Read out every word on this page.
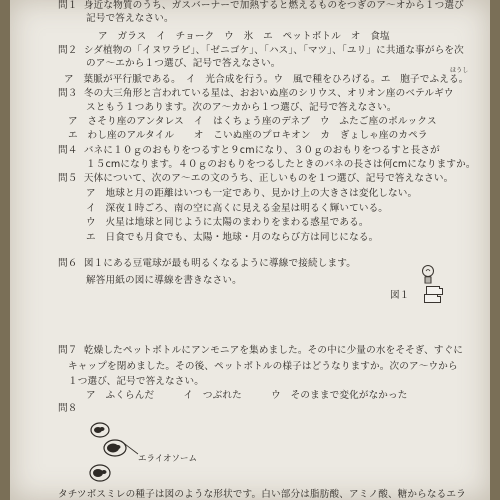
問１ 身近な物質のうち、ガスバーナーで加熱すると燃えるものをつぎのア～オから１つ選び
記号で答えなさい。
ア　ガラス　イ　チョーク　ウ　氷　エ　ペットボトル　オ　食塩
問２ シダ植物の「イヌワラビ」、「ゼニゴケ」、「ハス」、「マツ」、「ユリ」に共通な事がらを次
のア～エから１つ選び、記号で答えなさい。
ほうし
ア　葉脈が平行脈である。　イ　光合成を行う。ウ　風で種をひろげる。エ　胞子でふえる。
問３ 冬の大三角形と言われている星は、おおいぬ座のシリウス、オリオン座のベテルギウ
スともう１つあります。次のア～カから１つ選び、記号で答えなさい。
ア　さそり座のアンタレス　イ　はくちょう座のデネブ　ウ　ふたご座のポルックス
エ　わし座のアルタイル　　オ　こいぬ座のプロキオン　カ　ぎょしゃ座のカペラ
問４ バネに１０ｇのおもりをつるすと９cmになり、３０ｇのおもりをつるすと長さが
１５cmになります。４０ｇのおもりをつるしたときのバネの長さは何cmになりますか。
問５ 天体について、次のア～エの文のうち、正しいものを１つ選び、記号で答えなさい。
ア　地球と月の距離はいつも一定であり、見かけ上の大きさは変化しない。
イ　深夜１時ごろ、南の空に高くに見える金星は明るく輝いている。
ウ　火星は地球と同じように太陽のまわりをまわる惑星である。
エ　日食でも月食でも、太陽・地球・月のならび方は同じになる。
問６ 図１にある豆電球が最も明るくなるように導線で接続します。
図１
解答用紙の図に導線を書きなさい。
問７ 乾燥したペットボトルにアンモニアを集めました。その中に少量の水をそそぎ、すぐに
キャップを閉めました。その後、ペットボトルの様子はどうなりますか。次のア～ウから
１つ選び、記号で答えなさい。
ア　ふくらんだ　　　イ　つぶれた　　　ウ　そのままで変化がなかった
問８
エライオソーム
タチツボスミレの種子は図のような形状です。白い部分は脂肪酸、アミノ酸、糖からなるエラ
